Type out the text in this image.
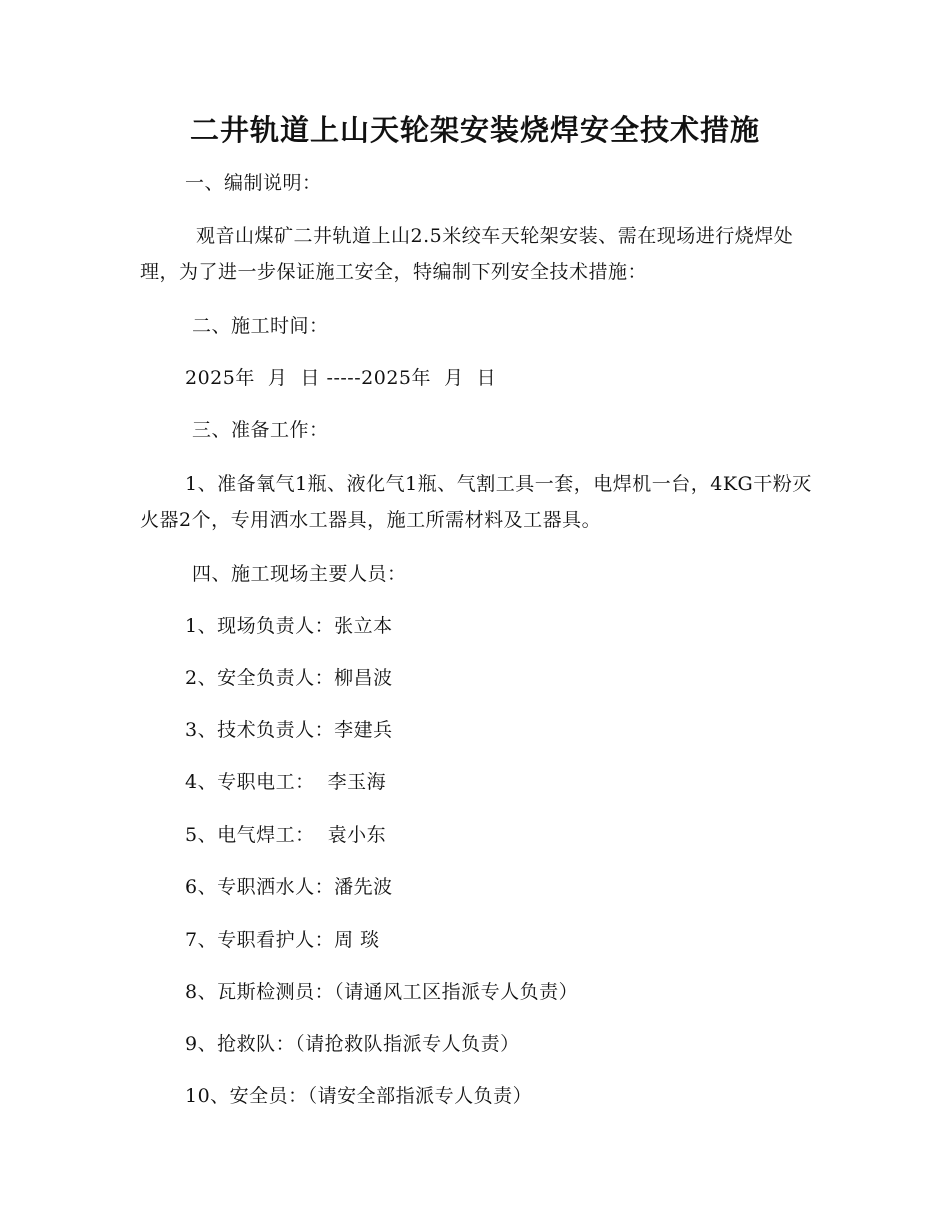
二井轨道上山天轮架安装烧焊安全技术措施
一、编制说明：
观音山煤矿二井轨道上山2.5米绞车天轮架安装、需在现场进行烧焊处理，为了进一步保证施工安全，特编制下列安全技术措施：
二、施工时间：
2025年  月  日 -----2025年  月  日
三、准备工作：
1、准备氧气1瓶、液化气1瓶、气割工具一套，电焊机一台，4KG干粉灭火器2个，专用洒水工器具，施工所需材料及工器具。
四、施工现场主要人员：
1、现场负责人：张立本
2、安全负责人：柳昌波
3、技术负责人：李建兵
4、专职电工：  李玉海
5、电气焊工：  袁小东
6、专职洒水人：潘先波
7、专职看护人：周 琰
8、瓦斯检测员：（请通风工区指派专人负责）
9、抢救队：（请抢救队指派专人负责）
10、安全员：（请安全部指派专人负责）
